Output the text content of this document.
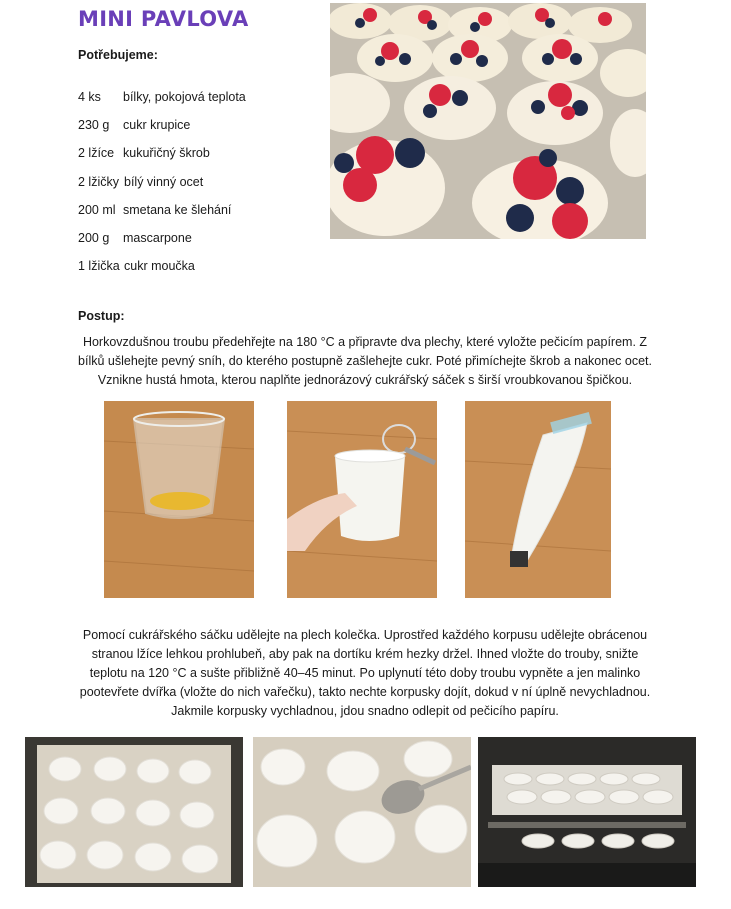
MINI PAVLOVA
Potřebujeme:
4 ks	bílky, pokojová teplota
230 g	cukr krupice
2 lžíce kukuřičný škrob
2 lžičky bílý vinný ocet
200 ml smetana ke šlehání
200 g	mascarpone
1 lžička cukr moučka
Postup:
Horkovzdušnou troubu předehřejte na 180 °C a připravte dva plechy, které vyložte pečicím papírem. Z bílků ušlehejte pevný sníh, do kterého postupně zašlehejte cukr. Poté přimíchejte škrob a nakonec ocet. Vznikne hustá hmota, kterou naplňte jednorázový cukrářský sáček s širší vroubkovanou špičkou.
Pomocí cukrářského sáčku udělejte na plech kolečka. Uprostřed každého korpusu udělejte obrácenou stranou lžíce lehkou prohlubeň, aby pak na dortíku krém hezky držel. Ihned vložte do trouby, snižte teplotu na 120 °C a sušte přibližně 40–45 minut. Po uplynutí této doby troubu vypněte a jen malinko pootevřete dvířka (vložte do nich vařečku), takto nechte korpusky dojít, dokud v ní úplně nevychladnou. Jakmile korpusky vychladnou, jdou snadno odlepit od pečicího papíru.
